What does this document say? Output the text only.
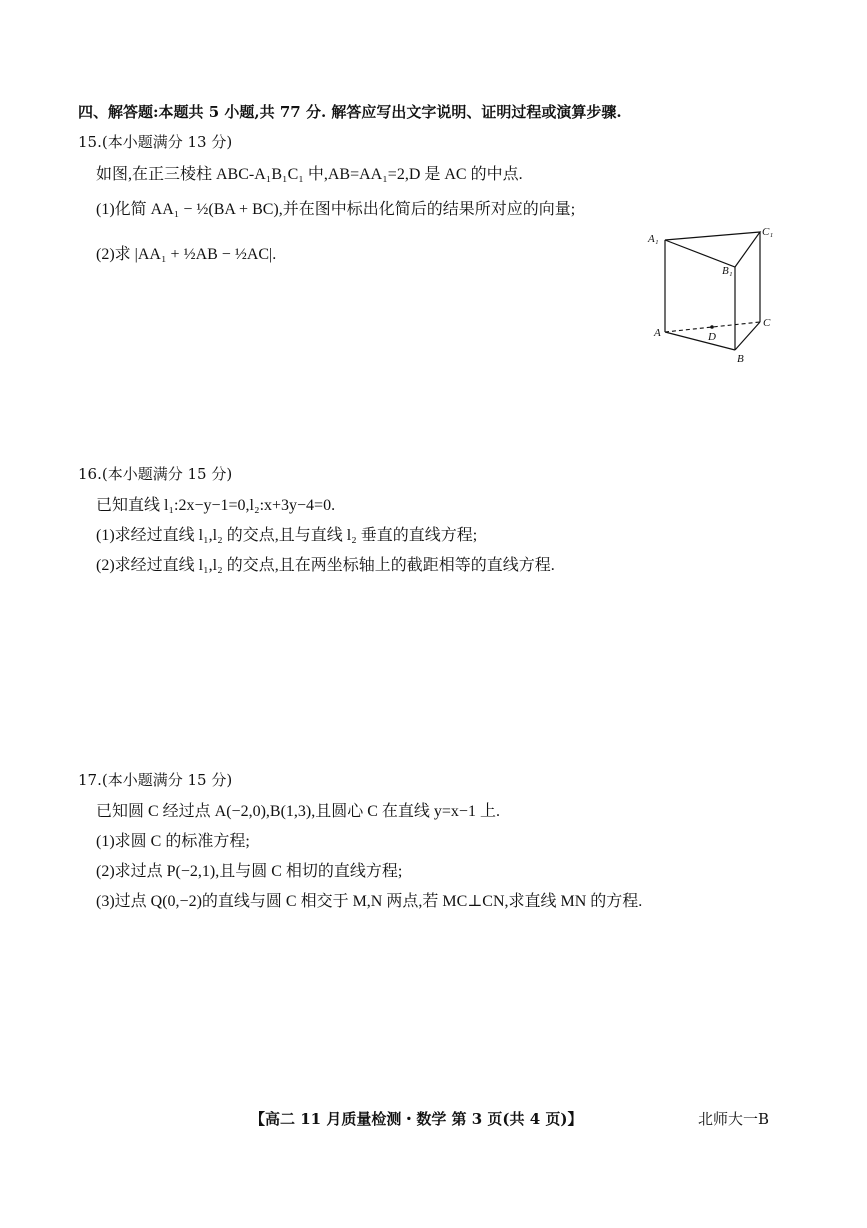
四、解答题:本题共 5 小题,共 77 分. 解答应写出文字说明、证明过程或演算步骤.
15.(本小题满分 13 分)
如图,在正三棱柱 ABC-A₁B₁C₁ 中,AB=AA₁=2,D 是 AC 的中点.
(1)化简 AA₁ − ½(BA + BC),并在图中标出化简后的结果所对应的向量;
(2)求 |AA₁ + ½AB − ½AC|.
A₁
C₁
B₁
A
C
D
B
16.(本小题满分 15 分)
已知直线 l₁:2x−y−1=0,l₂:x+3y−4=0.
(1)求经过直线 l₁,l₂ 的交点,且与直线 l₂ 垂直的直线方程;
(2)求经过直线 l₁,l₂ 的交点,且在两坐标轴上的截距相等的直线方程.
17.(本小题满分 15 分)
已知圆 C 经过点 A(−2,0),B(1,3),且圆心 C 在直线 y=x−1 上.
(1)求圆 C 的标准方程;
(2)求过点 P(−2,1),且与圆 C 相切的直线方程;
(3)过点 Q(0,−2)的直线与圆 C 相交于 M,N 两点,若 MC⊥CN,求直线 MN 的方程.
【高二 11 月质量检测・数学 第 3 页(共 4 页)】	北师大一B
